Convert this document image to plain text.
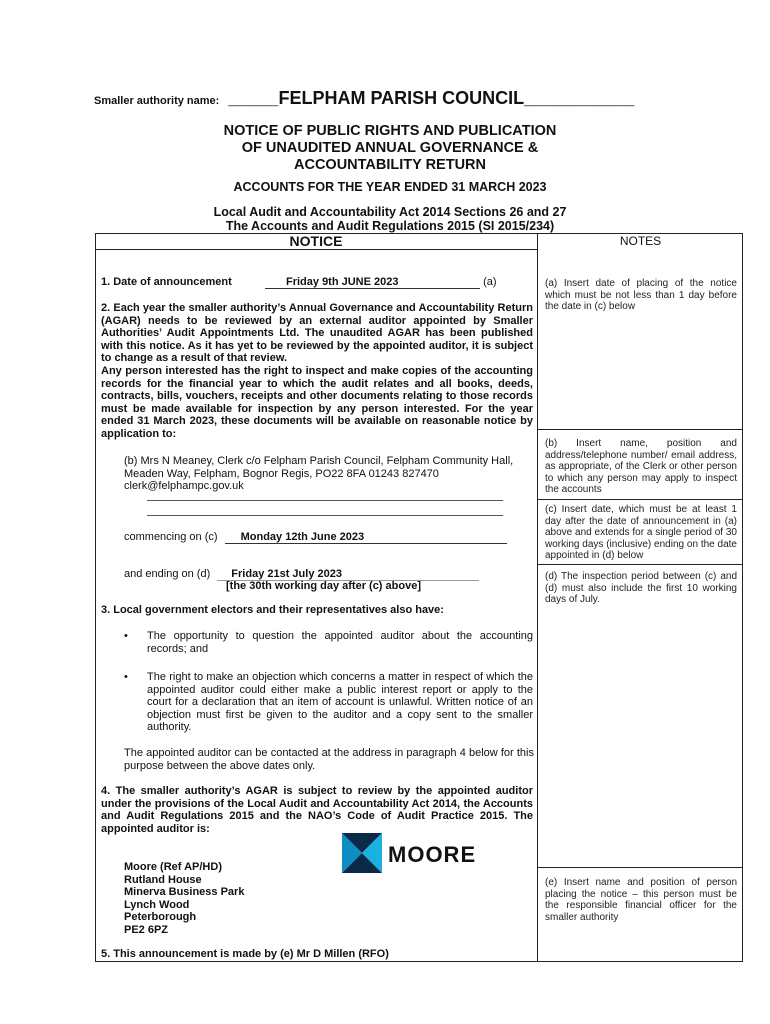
Smaller authority name: _____FELPHAM PARISH COUNCIL___________
NOTICE OF PUBLIC RIGHTS AND PUBLICATION
OF UNAUDITED ANNUAL GOVERNANCE &
ACCOUNTABILITY RETURN
ACCOUNTS FOR THE YEAR ENDED 31 MARCH 2023
Local Audit and Accountability Act 2014 Sections 26 and 27
The Accounts and Audit Regulations 2015 (SI 2015/234)
NOTICE	NOTES
1. Date of announcement	Friday 9th JUNE 2023	(a)
2. Each year the smaller authority’s Annual Governance and Accountability Return (AGAR) needs to be reviewed by an external auditor appointed by Smaller Authorities’ Audit Appointments Ltd. The unaudited AGAR has been published with this notice. As it has yet to be reviewed by the appointed auditor, it is subject to change as a result of that review.
Any person interested has the right to inspect and make copies of the accounting records for the financial year to which the audit relates and all books, deeds, contracts, bills, vouchers, receipts and other documents relating to those records must be made available for inspection by any person interested. For the year ended 31 March 2023, these documents will be available on reasonable notice by application to:
(b) Mrs N Meaney, Clerk c/o Felpham Parish Council, Felpham Community Hall,
Meaden Way, Felpham, Bognor Regis, PO22 8FA 01243 827470
clerk@felphampc.gov.uk
commencing on (c) Monday 12th June 2023
and ending on (d) Friday 21st July 2023
[the 30th working day after (c) above]
3. Local government electors and their representatives also have:
• The opportunity to question the appointed auditor about the accounting records; and
• The right to make an objection which concerns a matter in respect of which the appointed auditor could either make a public interest report or apply to the court for a declaration that an item of account is unlawful. Written notice of an objection must first be given to the auditor and a copy sent to the smaller authority.
The appointed auditor can be contacted at the address in paragraph 4 below for this purpose between the above dates only.
4. The smaller authority’s AGAR is subject to review by the appointed auditor under the provisions of the Local Audit and Accountability Act 2014, the Accounts and Audit Regulations 2015 and the NAO’s Code of Audit Practice 2015. The appointed auditor is:
MOORE
Moore (Ref AP/HD)
Rutland House
Minerva Business Park
Lynch Wood
Peterborough
PE2 6PZ
5. This announcement is made by (e) Mr D Millen (RFO)
(a) Insert date of placing of the notice which must be not less than 1 day before the date in (c) below
(b) Insert name, position and address/telephone number/ email address, as appropriate, of the Clerk or other person to which any person may apply to inspect the accounts
(c) Insert date, which must be at least 1 day after the date of announcement in (a) above and extends for a single period of 30 working days (inclusive) ending on the date appointed in (d) below
(d) The inspection period between (c) and (d) must also include the first 10 working days of July.
(e) Insert name and position of person placing the notice – this person must be the responsible financial officer for the smaller authority
